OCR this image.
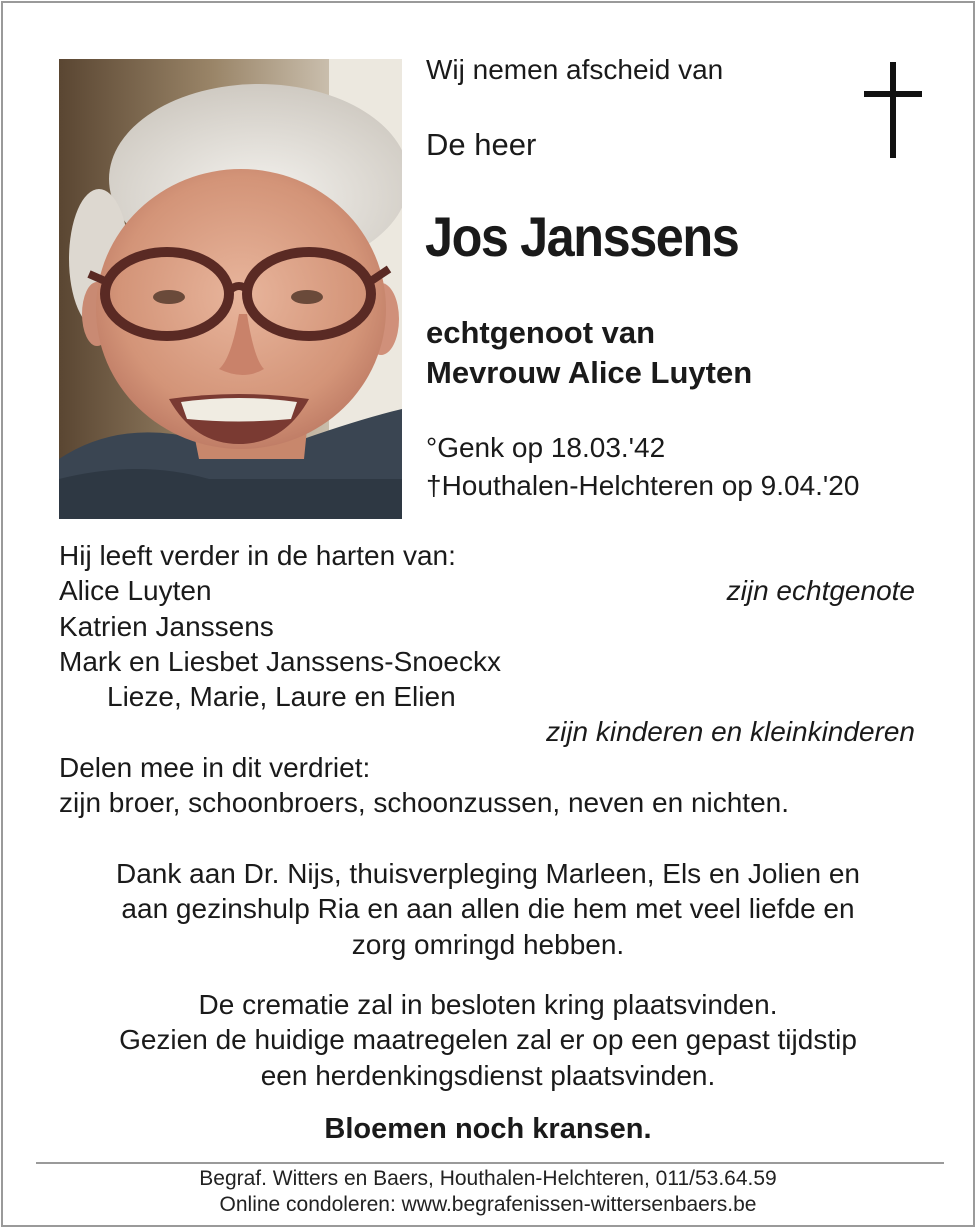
Wij nemen afscheid van
De heer
Jos Janssens
echtgenoot van
Mevrouw Alice Luyten
°Genk op 18.03.'42
†Houthalen-Helchteren op 9.04.'20
Hij leeft verder in de harten van:
Alice Luyten	zijn echtgenote
Katrien Janssens
Mark en Liesbet Janssens-Snoeckx
Lieze, Marie, Laure en Elien
zijn kinderen en kleinkinderen
Delen mee in dit verdriet:
zijn broer, schoonbroers, schoonzussen, neven en nichten.
Dank aan Dr. Nijs, thuisverpleging Marleen, Els en Jolien en
aan gezinshulp Ria en aan allen die hem met veel liefde en
zorg omringd hebben.
De crematie zal in besloten kring plaatsvinden.
Gezien de huidige maatregelen zal er op een gepast tijdstip
een herdenkingsdienst plaatsvinden.
Bloemen noch kransen.
Begraf. Witters en Baers, Houthalen-Helchteren, 011/53.64.59
Online condoleren: www.begrafenissen-wittersenbaers.be
